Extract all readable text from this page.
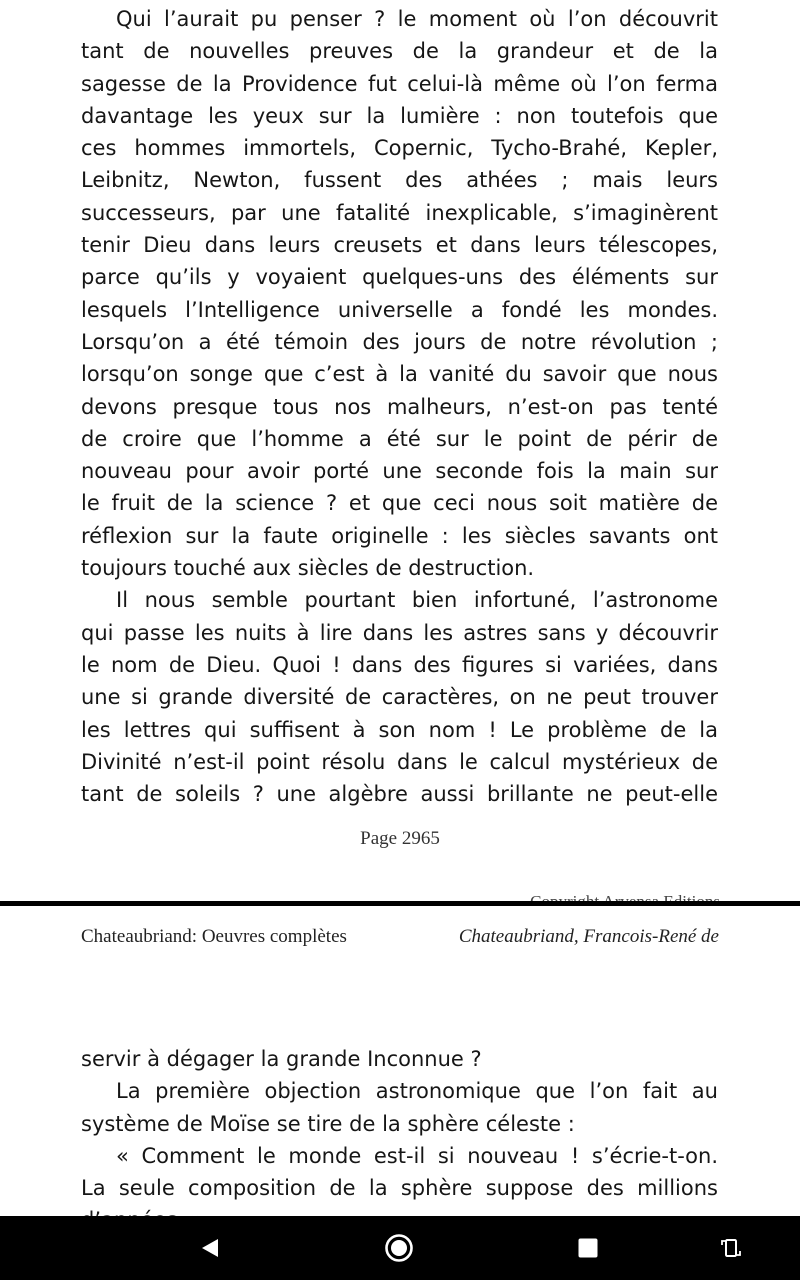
Qui l’aurait pu penser ? le moment où l’on découvrit
tant de nouvelles preuves de la grandeur et de la
sagesse de la Providence fut celui-là même où l’on ferma
davantage les yeux sur la lumière : non toutefois que
ces hommes immortels, Copernic, Tycho-Brahé, Kepler,
Leibnitz, Newton, fussent des athées ; mais leurs
successeurs, par une fatalité inexplicable, s’imaginèrent
tenir Dieu dans leurs creusets et dans leurs télescopes,
parce qu’ils y voyaient quelques-uns des éléments sur
lesquels l’Intelligence universelle a fondé les mondes.
Lorsqu’on a été témoin des jours de notre révolution ;
lorsqu’on songe que c’est à la vanité du savoir que nous
devons presque tous nos malheurs, n’est-on pas tenté
de croire que l’homme a été sur le point de périr de
nouveau pour avoir porté une seconde fois la main sur
le fruit de la science ? et que ceci nous soit matière de
réflexion sur la faute originelle : les siècles savants ont
toujours touché aux siècles de destruction.
Il nous semble pourtant bien infortuné, l’astronome
qui passe les nuits à lire dans les astres sans y découvrir
le nom de Dieu. Quoi ! dans des figures si variées, dans
une si grande diversité de caractères, on ne peut trouver
les lettres qui suffisent à son nom ! Le problème de la
Divinité n’est-il point résolu dans le calcul mystérieux de
tant de soleils ? une algèbre aussi brillante ne peut-elle
Page 2965
Chateaubriand: Oeuvres complètes	Chateaubriand, Francois-René de
servir à dégager la grande Inconnue ?
La première objection astronomique que l’on fait au
système de Moïse se tire de la sphère céleste :
« Comment le monde est-il si nouveau ! s’écrie-t-on.
La seule composition de la sphère suppose des millions
